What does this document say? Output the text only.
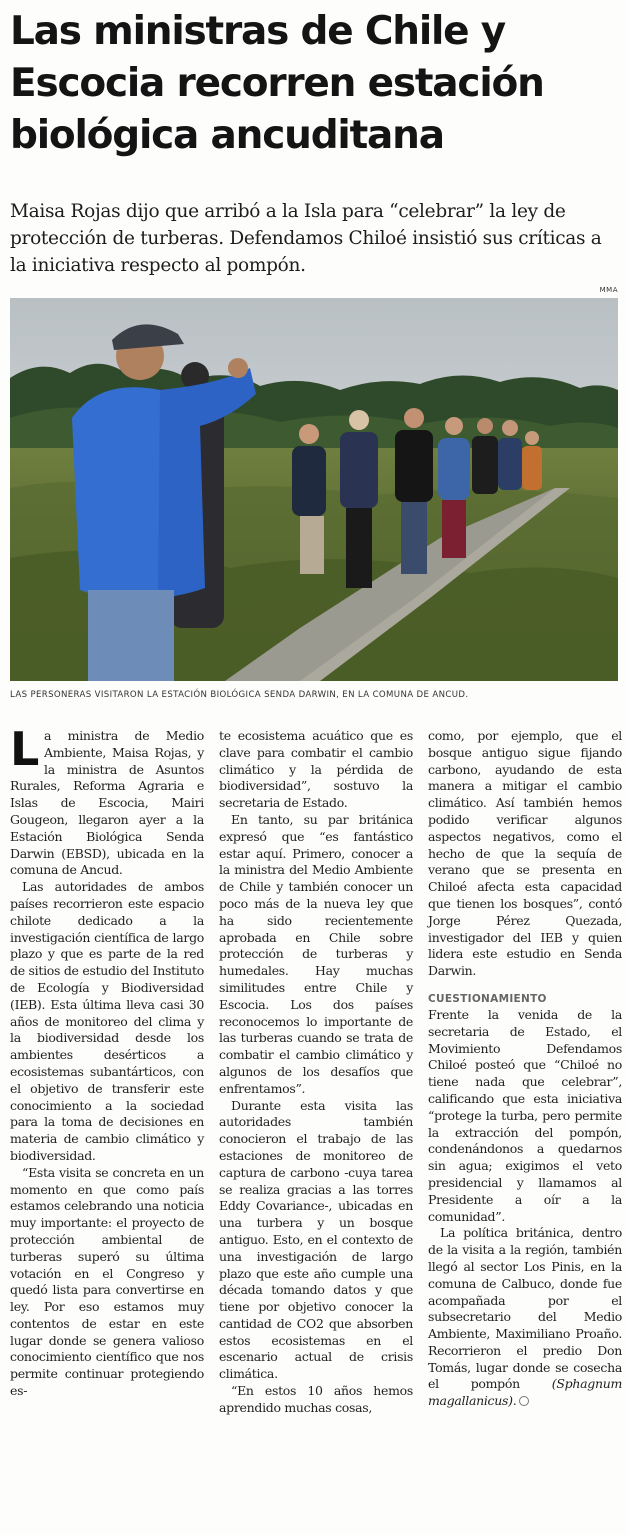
Las ministras de Chile y Escocia recorren estación biológica ancuditana

Maisa Rojas dijo que arribó a la Isla para “celebrar” la ley de protección de turberas. Defendamos Chiloé insistió sus críticas a la iniciativa respecto al pompón.

MMA
LAS PERSONERAS VISITARON LA ESTACIÓN BIOLÓGICA SENDA DARWIN, EN LA COMUNA DE ANCUD.

La ministra de Medio Ambiente, Maisa Rojas, y la ministra de Asuntos Rurales, Reforma Agraria e Islas de Escocia, Mairi Gougeon, llegaron ayer a la Estación Biológica Senda Darwin (EBSD), ubicada en la comuna de Ancud.

Las autoridades de ambos países recorrieron este espacio chilote dedicado a la investigación científica de largo plazo y que es parte de la red de sitios de estudio del Instituto de Ecología y Biodiversidad (IEB). Esta última lleva casi 30 años de monitoreo del clima y la biodiversidad desde los ambientes desérticos a ecosistemas subantárticos, con el objetivo de transferir este conocimiento a la sociedad para la toma de decisiones en materia de cambio climático y biodiversidad.

“Esta visita se concreta en un momento en que como país estamos celebrando una noticia muy importante: el proyecto de protección ambiental de turberas superó su última votación en el Congreso y quedó lista para convertirse en ley. Por eso estamos muy contentos de estar en este lugar donde se genera valioso conocimiento científico que nos permite continuar protegiendo es-

te ecosistema acuático que es clave para combatir el cambio climático y la pérdida de biodiversidad”, sostuvo la secretaria de Estado.

En tanto, su par británica expresó que “es fantástico estar aquí. Primero, conocer a la ministra del Medio Ambiente de Chile y también conocer un poco más de la nueva ley que ha sido recientemente aprobada en Chile sobre protección de turberas y humedales. Hay muchas similitudes entre Chile y Escocia. Los dos países reconocemos lo importante de las turberas cuando se trata de combatir el cambio climático y algunos de los desafíos que enfrentamos”.

Durante esta visita las autoridades también conocieron el trabajo de las estaciones de monitoreo de captura de carbono -cuya tarea se realiza gracias a las torres Eddy Covariance-, ubicadas en una turbera y un bosque antiguo. Esto, en el contexto de una investigación de largo plazo que este año cumple una década tomando datos y que tiene por objetivo conocer la cantidad de CO2 que absorben estos ecosistemas en el escenario actual de crisis climática.

“En estos 10 años hemos aprendido muchas cosas,

como, por ejemplo, que el bosque antiguo sigue fijando carbono, ayudando de esta manera a mitigar el cambio climático. Así también hemos podido verificar algunos aspectos negativos, como el hecho de que la sequía de verano que se presenta en Chiloé afecta esta capacidad que tienen los bosques”, contó Jorge Pérez Quezada, investigador del IEB y quien lidera este estudio en Senda Darwin.

CUESTIONAMIENTO

Frente la venida de la secretaria de Estado, el Movimiento Defendamos Chiloé posteó que “Chiloé no tiene nada que celebrar”, calificando que esta iniciativa “protege la turba, pero permite la extracción del pompón, condenándonos a quedarnos sin agua; exigimos el veto presidencial y llamamos al Presidente a oír a la comunidad”.

La política británica, dentro de la visita a la región, también llegó al sector Los Pinis, en la comuna de Calbuco, donde fue acompañada por el subsecretario del Medio Ambiente, Maximiliano Proaño. Recorrieron el predio Don Tomás, lugar donde se cosecha el pompón	(Sphagnum magallanicus).
